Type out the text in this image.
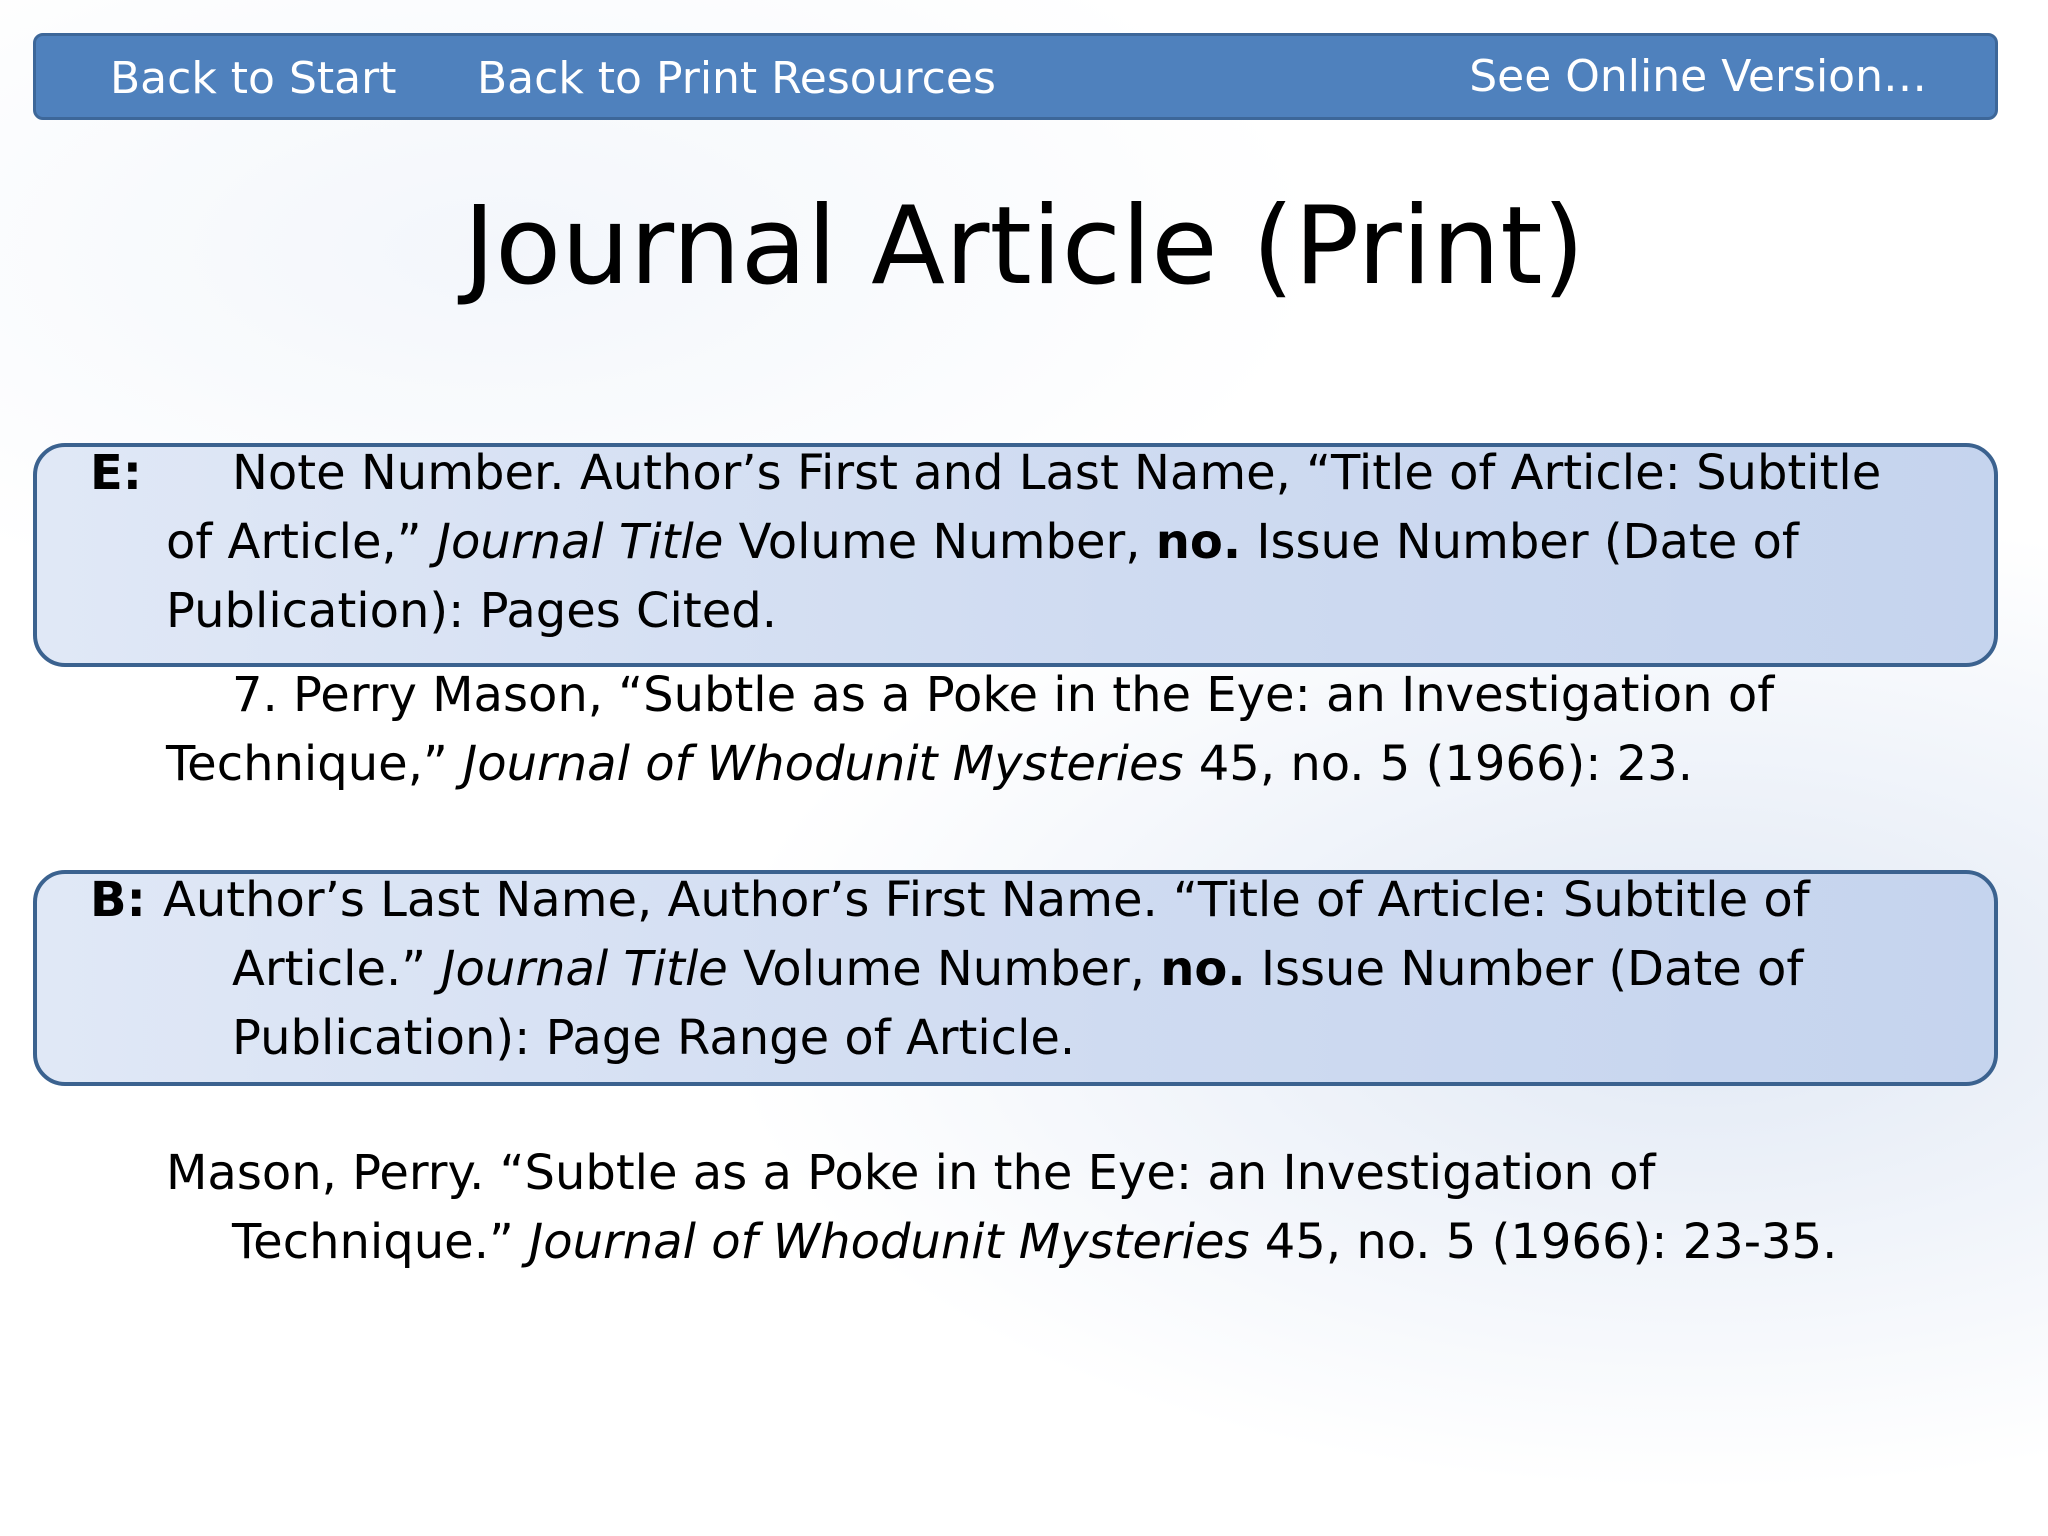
Back to Start Back to Print Resources	See Online Version…
Journal Article (Print)
E: Note Number. Author’s First and Last Name, “Title of Article: Subtitle
of Article,” Journal Title Volume Number, no. Issue Number (Date of
Publication): Pages Cited.
7. Perry Mason, “Subtle as a Poke in the Eye: an Investigation of
Technique,” Journal of Whodunit Mysteries 45, no. 5 (1966): 23.
B: Author’s Last Name, Author’s First Name. “Title of Article: Subtitle of
Article.” Journal Title Volume Number, no. Issue Number (Date of
Publication): Page Range of Article.
Mason, Perry. “Subtle as a Poke in the Eye: an Investigation of
Technique.” Journal of Whodunit Mysteries 45, no. 5 (1966): 23-35.
